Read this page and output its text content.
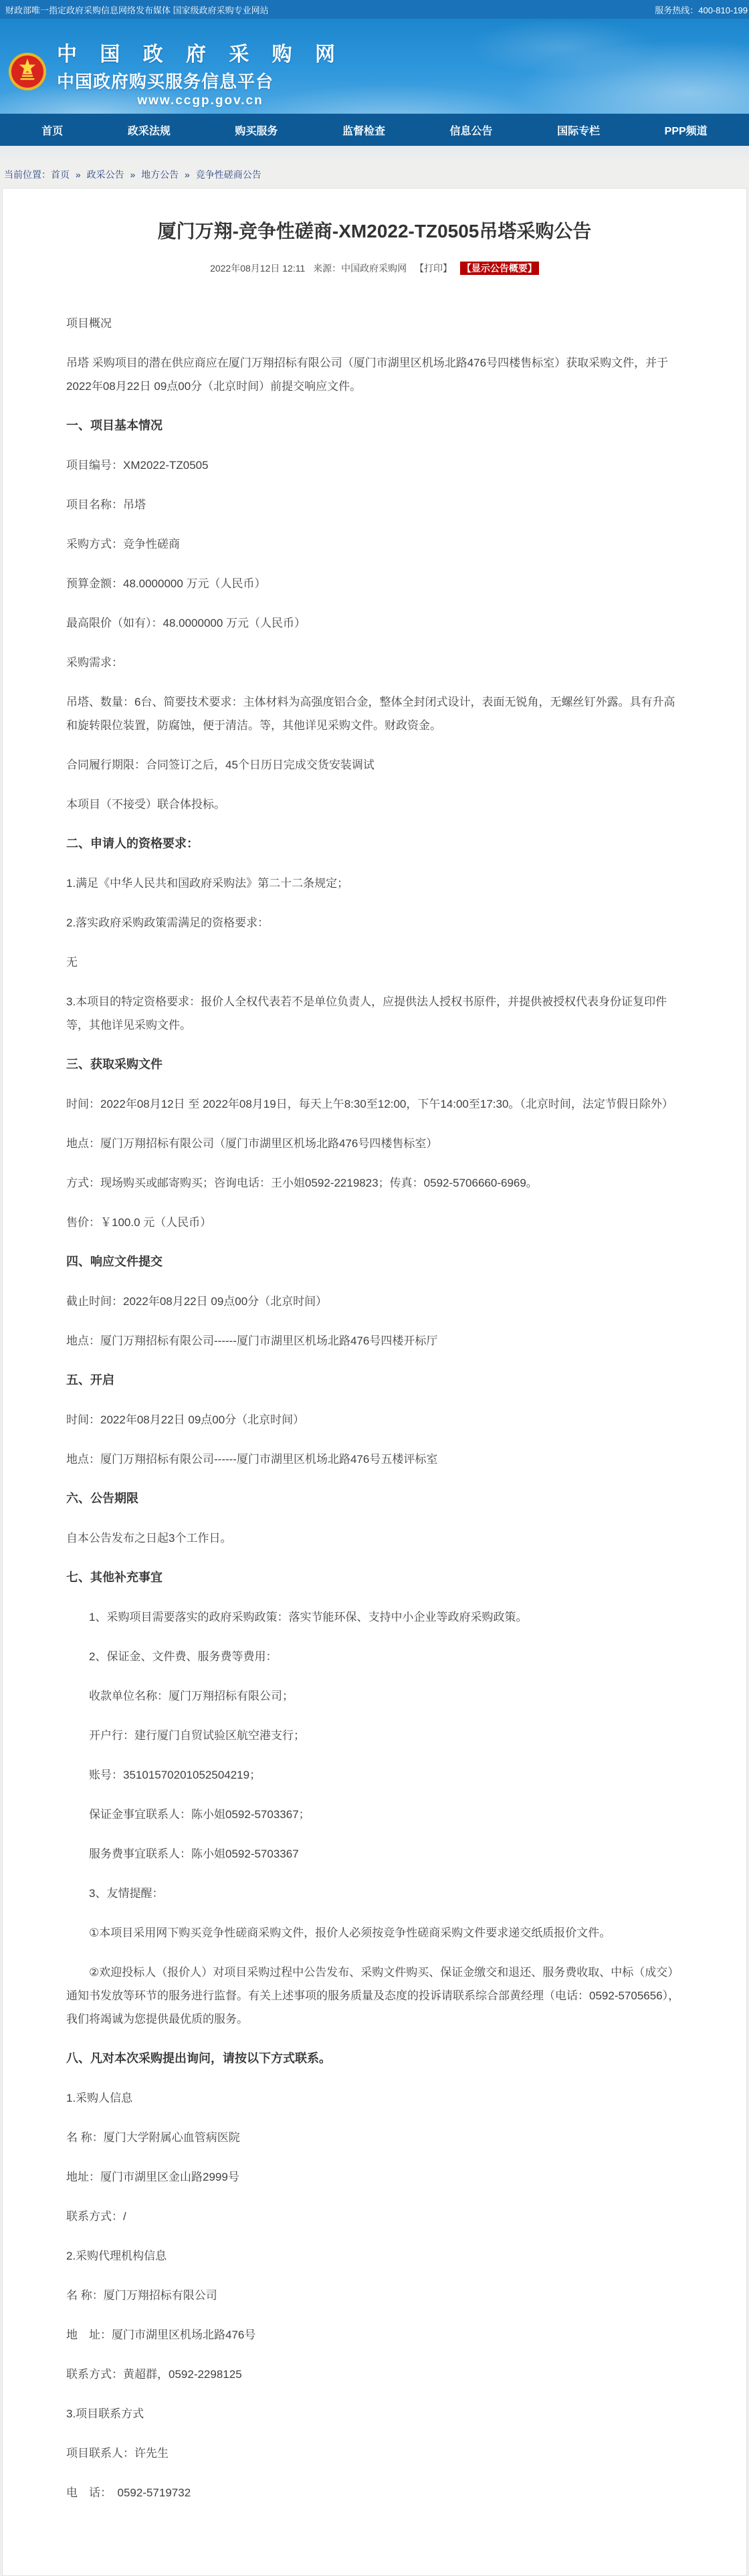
财政部唯一指定政府采购信息网络发布媒体 国家级政府采购专业网站	服务热线：400-810-199
中 国 政 府 采 购 网
中国政府购买服务信息平台
www.ccgp.gov.cn
首页	政采法规	购买服务	监督检查	信息公告	国际专栏	PPP频道
当前位置：首页 » 政采公告 » 地方公告 » 竞争性磋商公告
厦门万翔-竞争性磋商-XM2022-TZ0505吊塔采购公告
2022年08月12日 12:11 来源：中国政府采购网 【打印】 【显示公告概要】

项目概况

吊塔 采购项目的潜在供应商应在厦门万翔招标有限公司（厦门市湖里区机场北路476号四楼售标室）获取采购文件，并于2022年08月22日 09点00分（北京时间）前提交响应文件。

一、项目基本情况

项目编号：XM2022-TZ0505

项目名称：吊塔

采购方式：竞争性磋商

预算金额：48.0000000 万元（人民币）

最高限价（如有）：48.0000000 万元（人民币）

采购需求：

吊塔、数量：6台、简要技术要求：主体材料为高强度铝合金，整体全封闭式设计，表面无锐角，无螺丝钉外露。具有升高和旋转限位装置，防腐蚀，便于清洁。等，其他详见采购文件。财政资金。

合同履行期限：合同签订之后，45个日历日完成交货安装调试

本项目（不接受）联合体投标。

二、申请人的资格要求：

1.满足《中华人民共和国政府采购法》第二十二条规定；

2.落实政府采购政策需满足的资格要求：

无

3.本项目的特定资格要求：报价人全权代表若不是单位负责人，应提供法人授权书原件，并提供被授权代表身份证复印件等，其他详见采购文件。

三、获取采购文件

时间：2022年08月12日 至 2022年08月19日，每天上午8:30至12:00，下午14:00至17:30。（北京时间，法定节假日除外）

地点：厦门万翔招标有限公司（厦门市湖里区机场北路476号四楼售标室）

方式：现场购买或邮寄购买；咨询电话：王小姐0592-2219823；传真：0592-5706660-6969。

售价：￥100.0 元（人民币）

四、响应文件提交

截止时间：2022年08月22日 09点00分（北京时间）

地点：厦门万翔招标有限公司------厦门市湖里区机场北路476号四楼开标厅

五、开启

时间：2022年08月22日 09点00分（北京时间）

地点：厦门万翔招标有限公司------厦门市湖里区机场北路476号五楼评标室

六、公告期限

自本公告发布之日起3个工作日。

七、其他补充事宜

1、采购项目需要落实的政府采购政策：落实节能环保、支持中小企业等政府采购政策。

2、保证金、文件费、服务费等费用：

收款单位名称：厦门万翔招标有限公司；

开户行：建行厦门自贸试验区航空港支行；

账号：35101570201052504219；

保证金事宜联系人：陈小姐0592-5703367；

服务费事宜联系人：陈小姐0592-5703367

3、友情提醒：

①本项目采用网下购买竞争性磋商采购文件，报价人必须按竞争性磋商采购文件要求递交纸质报价文件。

②欢迎投标人（报价人）对项目采购过程中公告发布、采购文件购买、保证金缴交和退还、服务费收取、中标（成交）通知书发放等环节的服务进行监督。有关上述事项的服务质量及态度的投诉请联系综合部黄经理（电话：0592-5705656），我们将竭诚为您提供最优质的服务。

八、凡对本次采购提出询问，请按以下方式联系。

1.采购人信息

名 称：厦门大学附属心血管病医院

地址：厦门市湖里区金山路2999号

联系方式：/

2.采购代理机构信息

名 称：厦门万翔招标有限公司

地　址：厦门市湖里区机场北路476号

联系方式：黄超群，0592-2298125

3.项目联系方式

项目联系人：许先生

电　话：　0592-5719732
